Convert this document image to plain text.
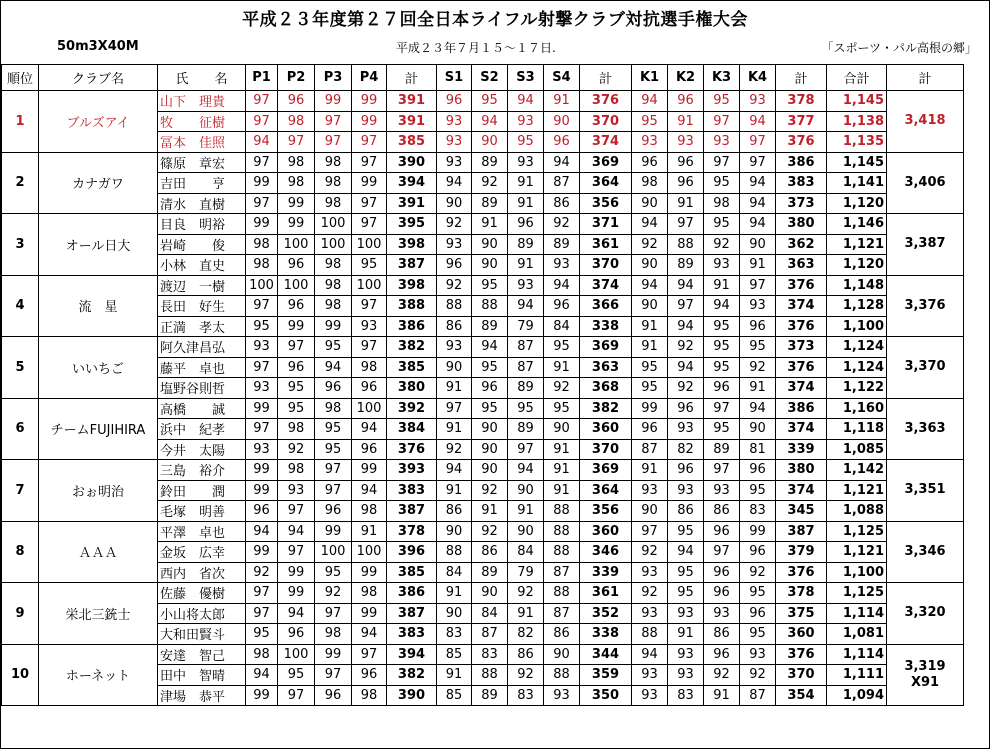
平成２３年度第２７回全日本ライフル射撃クラブ対抗選手権大会
50m3X40M	平成２３年７月１５～１７日.	「スポーツ・パル高根の郷」
順位	クラブ名	氏　　名	P1	P2	P3	P4	計	S1	S2	S3	S4	計	K1	K2	K3	K4	計	合計	計
1	ブルズアイ	山下　理貴	97	96	99	99	391	96	95	94	91	376	94	96	95	93	378	1,145	3,418

		牧　　征樹	97	98	97	99	391	93	94	93	90	370	95	91	97	94	377	1,138	
		冨本　佳照	94	97	97	97	385	93	90	95	96	374	93	93	93	97	376	1,135	
2	カナガワ	篠原　章宏	97	98	98	97	390	93	89	93	94	369	96	96	97	97	386	1,145	3,406

		吉田　　亨	99	98	98	99	394	94	92	91	87	364	98	96	95	94	383	1,141	
		清水　直樹	97	99	98	97	391	90	89	91	86	356	90	91	98	94	373	1,120	
3	オール日大	目良　明裕	99	99	100	97	395	92	91	96	92	371	94	97	95	94	380	1,146	3,387

		岩崎　　俊	98	100	100	100	398	93	90	89	89	361	92	88	92	90	362	1,121	
		小林　直史	98	96	98	95	387	96	90	91	93	370	90	89	93	91	363	1,120	
4	流　星	渡辺　一樹	100	100	98	100	398	92	95	93	94	374	94	94	91	97	376	1,148	3,376

		長田　好生	97	96	98	97	388	88	88	94	96	366	90	97	94	93	374	1,128	
		正満　孝太	95	99	99	93	386	86	89	79	84	338	91	94	95	96	376	1,100	
5	いいちご	阿久津昌弘	93	97	95	97	382	93	94	87	95	369	91	92	95	95	373	1,124	3,370

		藤平　卓也	97	96	94	98	385	90	95	87	91	363	95	94	95	92	376	1,124	
		塩野谷則哲	93	95	96	96	380	91	96	89	92	368	95	92	96	91	374	1,122	
6	チームFUJIHIRA	高橋　　誠	99	95	98	100	392	97	95	95	95	382	99	96	97	94	386	1,160	3,363

		浜中　紀孝	97	98	95	94	384	91	90	89	90	360	96	93	95	90	374	1,118	
		今井　太陽	93	92	95	96	376	92	90	97	91	370	87	82	89	81	339	1,085	
7	おぉ明治	三島　裕介	99	98	97	99	393	94	90	94	91	369	91	96	97	96	380	1,142	3,351

		鈴田　　潤	99	93	97	94	383	91	92	90	91	364	93	93	93	95	374	1,121	
		毛塚　明善	96	97	96	98	387	86	91	91	88	356	90	86	86	83	345	1,088	
8	ＡＡＡ	平澤　卓也	94	94	99	91	378	90	92	90	88	360	97	95	96	99	387	1,125	3,346

		金坂　広幸	99	97	100	100	396	88	86	84	88	346	92	94	97	96	379	1,121	
		西内　省次	92	99	95	99	385	84	89	79	87	339	93	95	96	92	376	1,100	
9	栄北三銃士	佐藤　優樹	97	99	92	98	386	91	90	92	88	361	92	95	96	95	378	1,125	3,320

		小山将太郎	97	94	97	99	387	90	84	91	87	352	93	93	93	96	375	1,114	
		大和田賢斗	95	96	98	94	383	83	87	82	86	338	88	91	86	95	360	1,081	
10	ホーネット	安達　智己	98	100	99	97	394	85	83	86	90	344	94	93	96	93	376	1,114	3,319
X91

		田中　智晴	94	95	97	96	382	91	88	92	88	359	93	93	92	92	370	1,111	
		津場　恭平	99	97	96	98	390	85	89	83	93	350	93	83	91	87	354	1,094	
